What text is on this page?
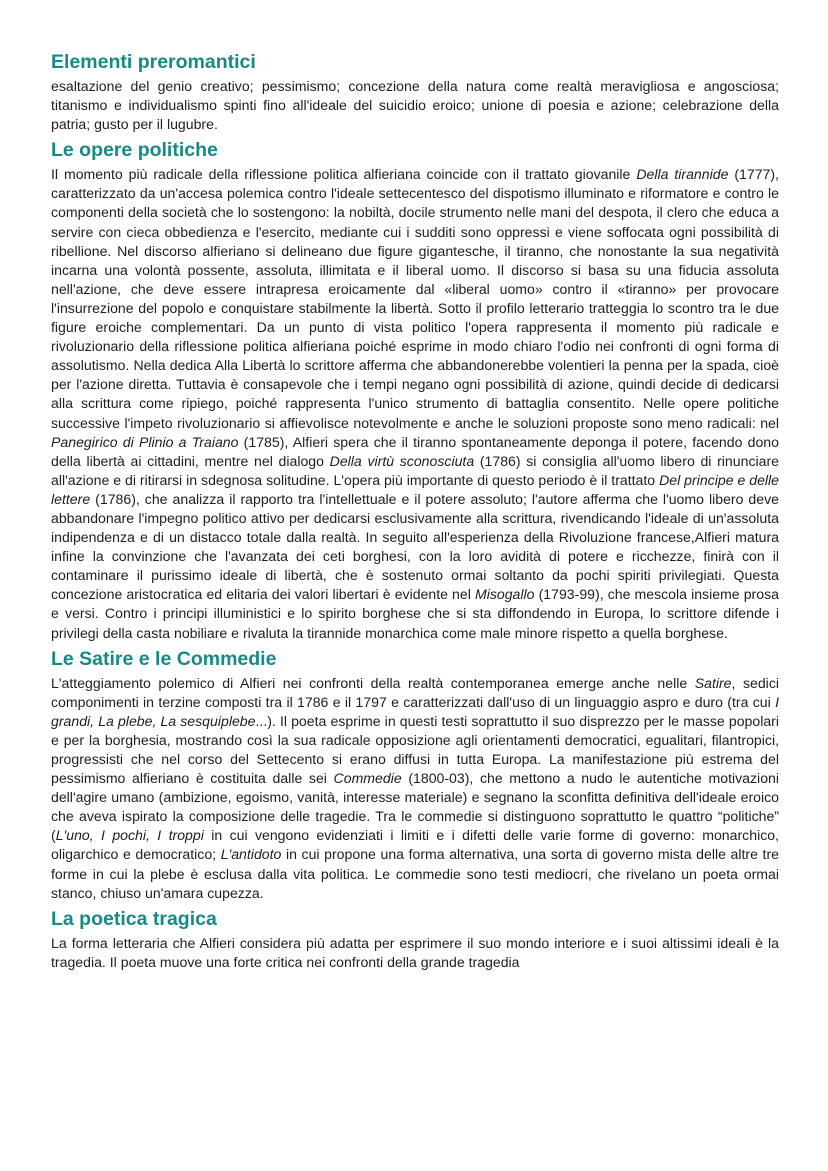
Elementi preromantici

esaltazione del genio creativo; pessimismo; concezione della natura come realtà meravigliosa e angosciosa; titanismo e individualismo spinti fino all'ideale del suicidio eroico; unione di poesia e azione; celebrazione della patria; gusto per il lugubre.

Le opere politiche

Il momento più radicale della riflessione politica alfieriana coincide con il trattato giovanile Della tirannide (1777), caratterizzato da un'accesa polemica contro l'ideale settecentesco del dispotismo illuminato e riformatore e contro le componenti della società che lo sostengono: la nobiltà, docile strumento nelle mani del despota, il clero che educa a servire con cieca obbedienza e l'esercito, mediante cui i sudditi sono oppressi e viene soffocata ogni possibilità di ribellione. Nel discorso alfieriano si delineano due figure gigantesche, il tiranno, che nonostante la sua negatività incarna una volontà possente, assoluta, illimitata e il liberal uomo. Il discorso si basa su una fiducia assoluta nell'azione, che deve essere intrapresa eroicamente dal «liberal uomo» contro il «tiranno» per provocare l'insurrezione del popolo e conquistare stabilmente la libertà. Sotto il profilo letterario tratteggia lo scontro tra le due figure eroiche complementari. Da un punto di vista politico l'opera rappresenta il momento più radicale e rivoluzionario della riflessione politica alfieriana poiché esprime in modo chiaro l'odio nei confronti di ogni forma di assolutismo. Nella dedica Alla Libertà lo scrittore afferma che abbandonerebbe volentieri la penna per la spada, cioè per l'azione diretta. Tuttavia è consapevole che i tempi negano ogni possibilità di azione, quindi decide di dedicarsi alla scrittura come ripiego, poiché rappresenta l'unico strumento di battaglia consentito. Nelle opere politiche successive l'impeto rivoluzionario si affievolisce notevolmente e anche le soluzioni proposte sono meno radicali: nel Panegirico di Plinio a Traiano (1785), Alfieri spera che il tiranno spontaneamente deponga il potere, facendo dono della libertà ai cittadini, mentre nel dialogo Della virtù sconosciuta (1786) si consiglia all'uomo libero di rinunciare all'azione e di ritirarsi in sdegnosa solitudine. L'opera più importante di questo periodo è il trattato Del principe e delle lettere (1786), che analizza il rapporto tra l'intellettuale e il potere assoluto; l'autore afferma che l'uomo libero deve abbandonare l'impegno politico attivo per dedicarsi esclusivamente alla scrittura, rivendicando l'ideale di un'assoluta indipendenza e di un distacco totale dalla realtà. In seguito all'esperienza della Rivoluzione francese,Alfieri matura infine la convinzione che l'avanzata dei ceti borghesi, con la loro avidità di potere e ricchezze, finirà con il contaminare il purissimo ideale di libertà, che è sostenuto ormai soltanto da pochi spiriti privilegiati. Questa concezione aristocratica ed elitaria dei valori libertari è evidente nel Misogallo (1793-99), che mescola insieme prosa e versi. Contro i principi illuministici e lo spirito borghese che si sta diffondendo in Europa, lo scrittore difende i privilegi della casta nobiliare e rivaluta la tirannide monarchica come male minore rispetto a quella borghese.

Le Satire e le Commedie

L'atteggiamento polemico di Alfieri nei confronti della realtà contemporanea emerge anche nelle Satire, sedici componimenti in terzine composti tra il 1786 e il 1797 e caratterizzati dall'uso di un linguaggio aspro e duro (tra cui I grandi, La plebe, La sesquiplebe...). Il poeta esprime in questi testi soprattutto il suo disprezzo per le masse popolari e per la borghesia, mostrando così la sua radicale opposizione agli orientamenti democratici, egualitari, filantropici, progressisti che nel corso del Settecento si erano diffusi in tutta Europa. La manifestazione più estrema del pessimismo alfieriano è costituita dalle sei Commedie (1800-03), che mettono a nudo le autentiche motivazioni dell'agire umano (ambizione, egoismo, vanità, interesse materiale) e segnano la sconfitta definitiva dell'ideale eroico che aveva ispirato la composizione delle tragedie. Tra le commedie si distinguono soprattutto le quattro “politiche” (L'uno, I pochi, I troppi in cui vengono evidenziati i limiti e i difetti delle varie forme di governo: monarchico, oligarchico e democratico; L'antidoto in cui propone una forma alternativa, una sorta di governo mista delle altre tre forme in cui la plebe è esclusa dalla vita politica. Le commedie sono testi mediocri, che rivelano un poeta ormai stanco, chiuso un'amara cupezza.

La poetica tragica

La forma letteraria che Alfieri considera più adatta per esprimere il suo mondo interiore e i suoi altissimi ideali è la tragedia. Il poeta muove una forte critica nei confronti della grande tragedia
